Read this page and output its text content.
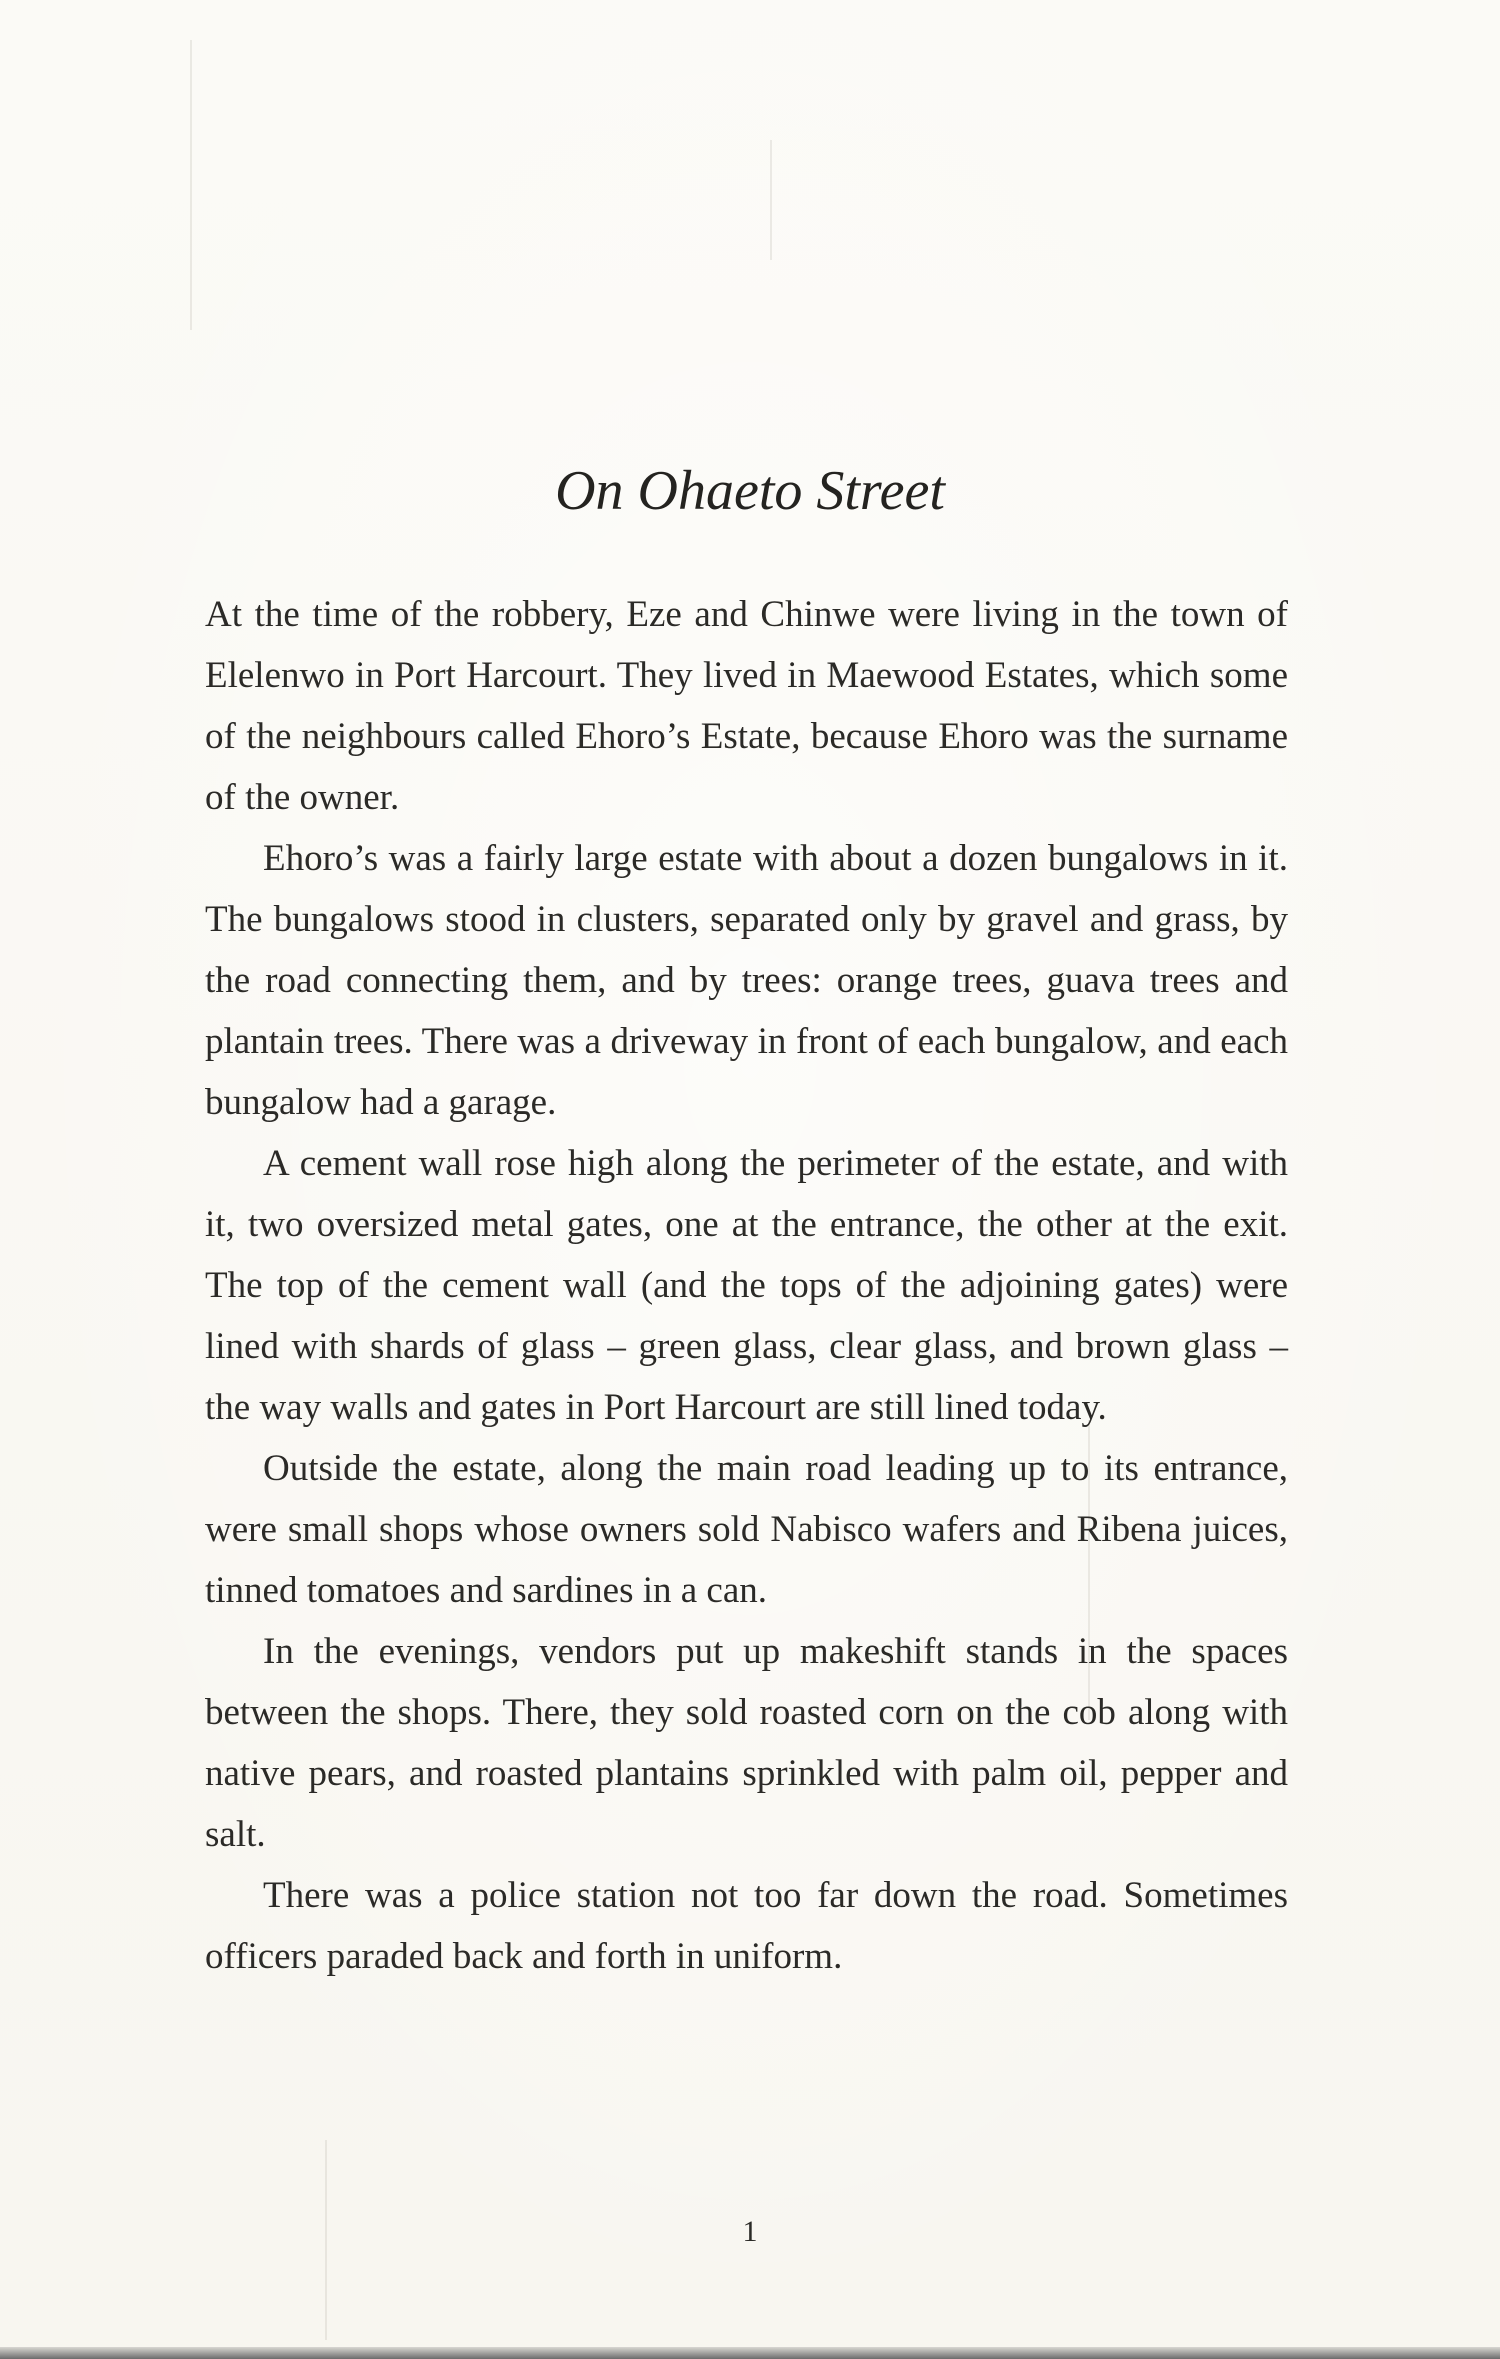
On Ohaeto Street

At the time of the robbery, Eze and Chinwe were living in the town of Elelenwo in Port Harcourt. They lived in Maewood Estates, which some of the neighbours called Ehoro’s Estate, because Ehoro was the surname of the owner.

Ehoro’s was a fairly large estate with about a dozen bungalows in it. The bungalows stood in clusters, separated only by gravel and grass, by the road connecting them, and by trees: orange trees, guava trees and plantain trees. There was a driveway in front of each bungalow, and each bungalow had a garage.

A cement wall rose high along the perimeter of the estate, and with it, two oversized metal gates, one at the entrance, the other at the exit. The top of the cement wall (and the tops of the adjoining gates) were lined with shards of glass – green glass, clear glass, and brown glass – the way walls and gates in Port Harcourt are still lined today.

Outside the estate, along the main road leading up to its entrance, were small shops whose owners sold Nabisco wafers and Ribena juices, tinned tomatoes and sardines in a can.

In the evenings, vendors put up makeshift stands in the spaces between the shops. There, they sold roasted corn on the cob along with native pears, and roasted plantains sprinkled with palm oil, pepper and salt.

There was a police station not too far down the road. Sometimes officers paraded back and forth in uniform.

1
